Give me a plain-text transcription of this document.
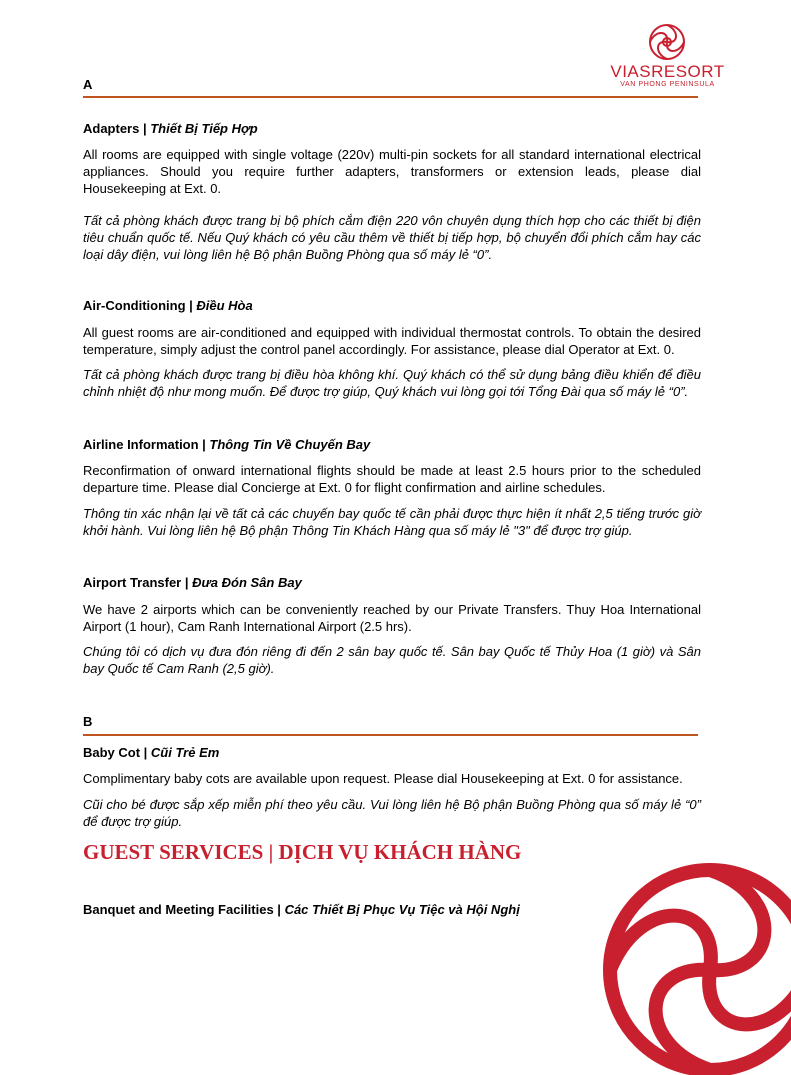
VIASRESORT
VAN PHONG PENINSULA
A
Adapters | Thiết Bị Tiếp Hợp

All rooms are equipped with single voltage (220v) multi-pin sockets for all standard international electrical appliances. Should you require further adapters, transformers or extension leads, please dial Housekeeping at Ext. 0.

Tất cả phòng khách được trang bị bộ phích cắm điện 220 vôn chuyên dụng thích hợp cho các thiết bị điện tiêu chuẩn quốc tế. Nếu Quý khách có yêu cầu thêm về thiết bị tiếp hợp, bộ chuyển đổi phích cắm hay các loại dây điện, vui lòng liên hệ Bộ phận Buồng Phòng qua số máy lẻ “0”.

Air-Conditioning | Điều Hòa

All guest rooms are air-conditioned and equipped with individual thermostat controls. To obtain the desired temperature, simply adjust the control panel accordingly. For assistance, please dial Operator at Ext. 0.

Tất cả phòng khách được trang bị điều hòa không khí. Quý khách có thể sử dụng bảng điều khiển để điều chỉnh nhiệt độ như mong muốn. Để được trợ giúp, Quý khách vui lòng gọi tới Tổng Đài qua số máy lẻ “0”.

Airline Information | Thông Tin Về Chuyến Bay

Reconfirmation of onward international flights should be made at least 2.5 hours prior to the scheduled departure time. Please dial Concierge at Ext. 0 for flight confirmation and airline schedules.

Thông tin xác nhận lại về tất cả các chuyến bay quốc tế cần phải được thực hiện ít nhất 2,5 tiếng trước giờ khởi hành. Vui lòng liên hệ Bộ phận Thông Tin Khách Hàng qua số máy lẻ "3" để được trợ giúp.

Airport Transfer | Đưa Đón Sân Bay

We have 2 airports which can be conveniently reached by our Private Transfers. Thuy Hoa International Airport (1 hour), Cam Ranh International Airport (2.5 hrs).

Chúng tôi có dịch vụ đưa đón riêng đi đến 2 sân bay quốc tế. Sân bay Quốc tế Thủy Hoa (1 giờ) và Sân bay Quốc tế Cam Ranh (2,5 giờ).

B
Baby Cot | Cũi Trẻ Em

Complimentary baby cots are available upon request. Please dial Housekeeping at Ext. 0 for assistance.

Cũi cho bé được sắp xếp miễn phí theo yêu cầu. Vui lòng liên hệ Bộ phận Buồng Phòng qua số máy lẻ “0” để được trợ giúp.

GUEST SERVICES | DỊCH VỤ KHÁCH HÀNG
Banquet and Meeting Facilities | Các Thiết Bị Phục Vụ Tiệc và Hội Nghị
